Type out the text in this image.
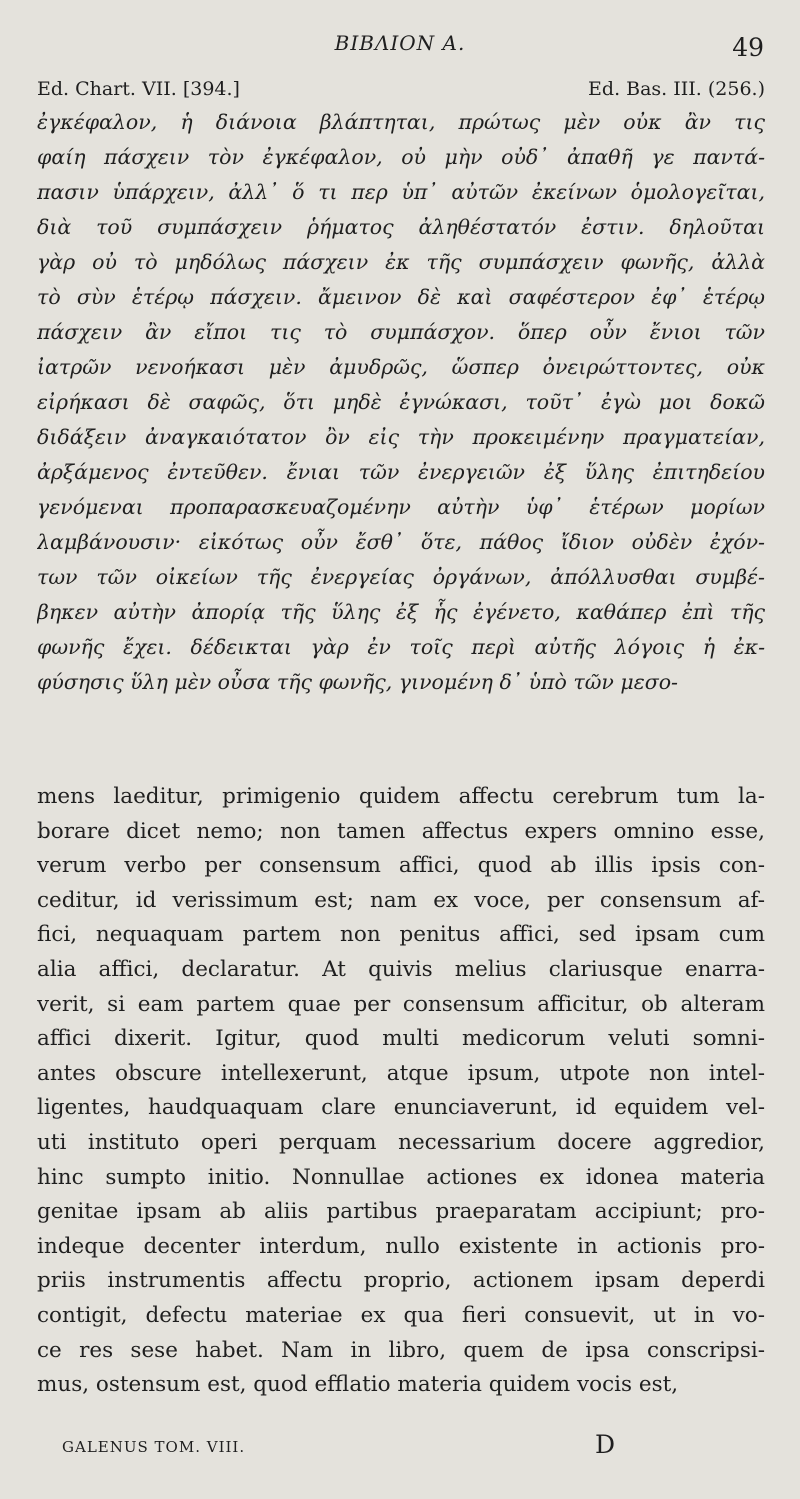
ΒΙΒΛΙΟΝ Α.	49
Ed. Chart. VII. [394.]	Ed. Bas. III. (256.)
ἐγκέφαλον, ἡ διάνοια βλάπτηται, πρώτως μὲν οὐκ ἂν τις
φαίη πάσχειν τὸν ἐγκέφαλον, οὐ μὴν οὐδ᾽ ἀπαθῆ γε παντά-
πασιν ὑπάρχειν, ἀλλ᾽ ὅ τι περ ὑπ᾽ αὐτῶν ἐκείνων ὁμολογεῖται,
διὰ τοῦ συμπάσχειν ῥήματος ἀληθέστατόν ἐστιν. δηλοῦται
γὰρ οὐ τὸ μηδόλως πάσχειν ἐκ τῆς συμπάσχειν φωνῆς, ἀλλὰ
τὸ σὺν ἑτέρῳ πάσχειν. ἄμεινον δὲ καὶ σαφέστερον ἐφ᾽ ἑτέρῳ
πάσχειν ἂν εἴποι τις τὸ συμπάσχον. ὅπερ οὖν ἔνιοι τῶν
ἰατρῶν νενοήκασι μὲν ἀμυδρῶς, ὥσπερ ὀνειρώττοντες, οὐκ
εἰρήκασι δὲ σαφῶς, ὅτι μηδὲ ἐγνώκασι, τοῦτ᾽ ἐγὼ μοι δοκῶ
διδάξειν ἀναγκαιότατον ὂν εἰς τὴν προκειμένην πραγματείαν,
ἀρξάμενος ἐντεῦθεν. ἔνιαι τῶν ἐνεργειῶν ἐξ ὕλης ἐπιτηδείου
γενόμεναι προπαρασκευαζομένην αὐτὴν ὑφ᾽ ἑτέρων μορίων
λαμβάνουσιν· εἰκότως οὖν ἔσθ᾽ ὅτε, πάθος ἴδιον οὐδὲν ἐχόν-
των τῶν οἰκείων τῆς ἐνεργείας ὀργάνων, ἀπόλλυσθαι συμβέ-
βηκεν αὐτὴν ἀπορίᾳ τῆς ὕλης ἐξ ἧς ἐγένετο, καθάπερ ἐπὶ τῆς
φωνῆς ἔχει. δέδεικται γὰρ ἐν τοῖς περὶ αὐτῆς λόγοις ἡ ἐκ-
φύσησις ὕλη μὲν οὖσα τῆς φωνῆς, γινομένη δ᾽ ὑπὸ τῶν μεσο-
mens laeditur, primigenio quidem affectu cerebrum tum la-
borare dicet nemo; non tamen affectus expers omnino esse,
verum verbo per consensum affici, quod ab illis ipsis con-
ceditur, id verissimum est; nam ex voce, per consensum af-
fici, nequaquam partem non penitus affici, sed ipsam cum
alia affici, declaratur. At quivis melius clariusque enarra-
verit, si eam partem quae per consensum afficitur, ob alteram
affici dixerit. Igitur, quod multi medicorum veluti somni-
antes obscure intellexerunt, atque ipsum, utpote non intel-
ligentes, haudquaquam clare enunciaverunt, id equidem vel-
uti instituto operi perquam necessarium docere aggredior,
hinc sumpto initio. Nonnullae actiones ex idonea materia
genitae ipsam ab aliis partibus praeparatam accipiunt; pro-
indeque decenter interdum, nullo existente in actionis pro-
priis instrumentis affectu proprio, actionem ipsam deperdi
contigit, defectu materiae ex qua fieri consuevit, ut in vo-
ce res sese habet. Nam in libro, quem de ipsa conscripsi-
mus, ostensum est, quod efflatio materia quidem vocis est,
GALENUS TOM. VIII.	D
